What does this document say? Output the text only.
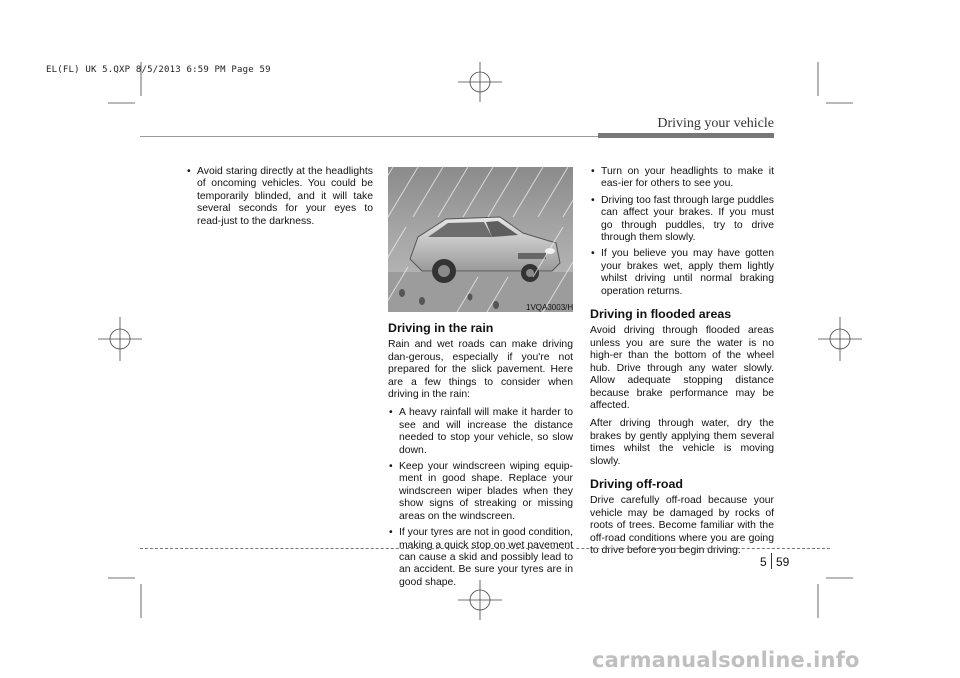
EL(FL) UK 5.QXP 8/5/2013 6:59 PM Page 59
Driving your vehicle
• Avoid staring directly at the headlights of oncoming vehicles. You could be temporarily blinded, and it will take several seconds for your eyes to read-just to the darkness.
1VQA3003/H
Driving in the rain

Rain and wet roads can make driving dan-gerous, especially if you're not prepared for the slick pavement. Here are a few things to consider when driving in the rain:

• A heavy rainfall will make it harder to see and will increase the distance needed to stop your vehicle, so slow down.
• Keep your windscreen wiping equip-ment in good shape. Replace your windscreen wiper blades when they show signs of streaking or missing areas on the windscreen.
• If your tyres are not in good condition, making a quick stop on wet pavement can cause a skid and possibly lead to an accident. Be sure your tyres are in good shape.
• Turn on your headlights to make it eas-ier for others to see you.
• Driving too fast through large puddles can affect your brakes. If you must go through puddles, try to drive through them slowly.
• If you believe you may have gotten your brakes wet, apply them lightly whilst driving until normal braking operation returns.
Driving in flooded areas

Avoid driving through flooded areas unless you are sure the water is no high-er than the bottom of the wheel hub. Drive through any water slowly. Allow adequate stopping distance because brake performance may be affected.

After driving through water, dry the brakes by gently applying them several times whilst the vehicle is moving slowly.

Driving off-road

Drive carefully off-road because your vehicle may be damaged by rocks of roots of trees. Become familiar with the off-road conditions where you are going to drive before you begin driving.

5 59
carmanualsonline.info
